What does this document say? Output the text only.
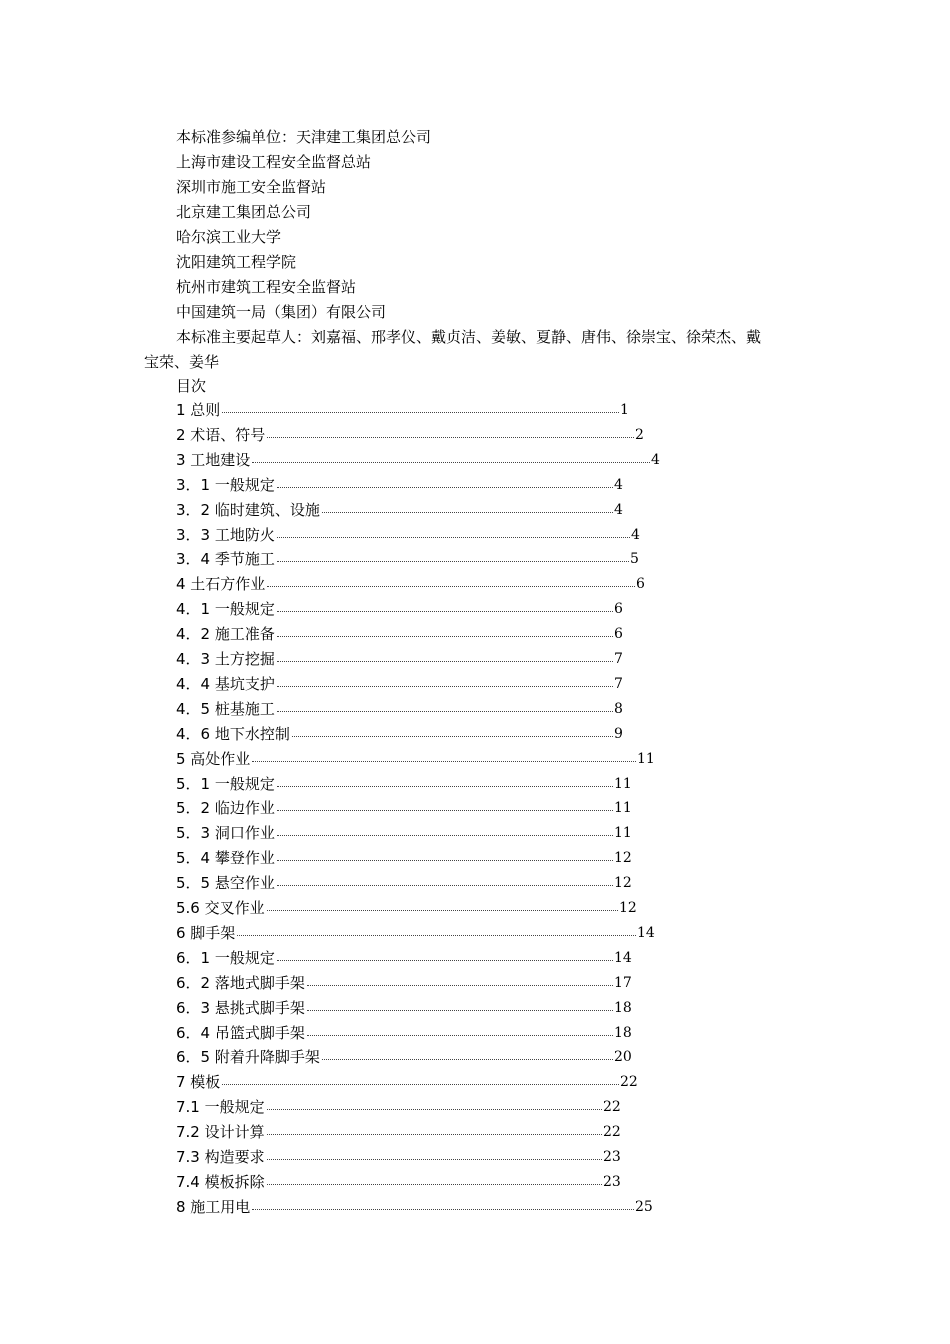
本标准参编单位：天津建工集团总公司
上海市建设工程安全监督总站
深圳市施工安全监督站
北京建工集团总公司
哈尔滨工业大学
沈阳建筑工程学院
杭州市建筑工程安全监督站
中国建筑一局（集团）有限公司
本标准主要起草人：刘嘉福、邢孝仪、戴贞洁、姜敏、夏静、唐伟、徐崇宝、徐荣杰、戴
宝荣、姜华
目次
1 总则	1
2 术语、符号	2
3 工地建设	4
3．1 一般规定	4
3．2 临时建筑、设施	4
3．3 工地防火	4
3．4 季节施工	5
4 土石方作业	6
4．1 一般规定	6
4．2 施工准备	6
4．3 土方挖掘	7
4．4 基坑支护	7
4．5 桩基施工	8
4．6 地下水控制	9
5 高处作业	11
5．1 一般规定	11
5．2 临边作业	11
5．3 洞口作业	11
5．4 攀登作业	12
5．5 悬空作业	12
5.6 交叉作业	12
6 脚手架	14
6．1 一般规定	14
6．2 落地式脚手架	17
6．3 悬挑式脚手架	18
6．4 吊篮式脚手架	18
6．5 附着升降脚手架	20
7 模板	22
7.1 一般规定	22
7.2 设计计算	22
7.3 构造要求	23
7.4 模板拆除	23
8 施工用电	25
